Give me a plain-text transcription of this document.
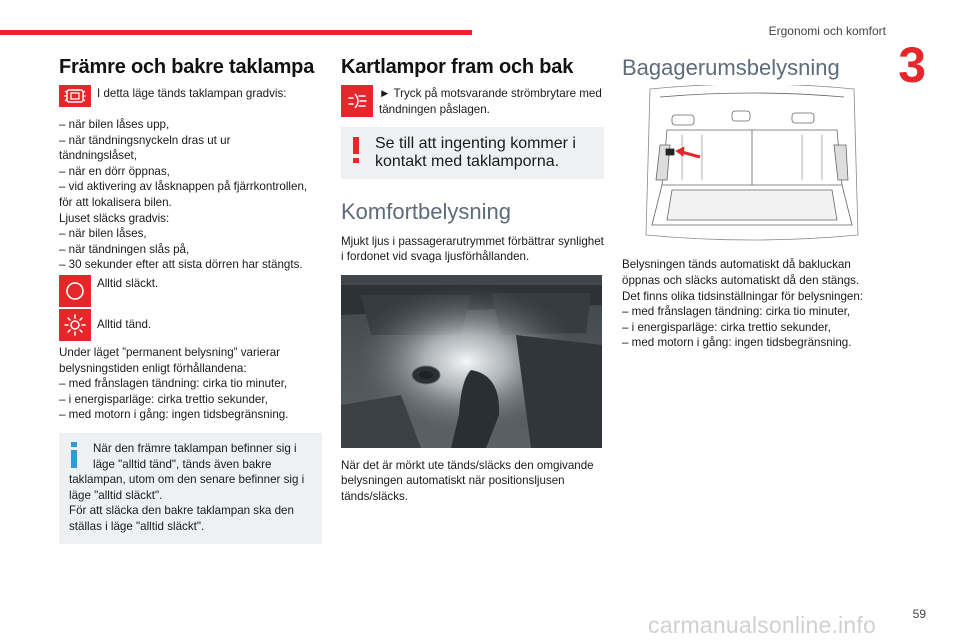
Ergonomi och komfort
3
Främre och bakre taklampa
I detta läge tänds taklampan gradvis:
– när bilen låses upp,
– när tändningsnyckeln dras ut ur
tändningslåset,
– när en dörr öppnas,
– vid aktivering av låsknappen på fjärrkontrollen,
för att lokalisera bilen.
Ljuset släcks gradvis:
– när bilen låses,
– när tändningen slås på,
– 30 sekunder efter att sista dörren har stängts.
Alltid släckt.
Alltid tänd.
Under läget ”permanent belysning” varierar
belysningstiden enligt förhållandena:
– med frånslagen tändning: cirka tio minuter,
– i energisparläge: cirka trettio sekunder,
– med motorn i gång: ingen tidsbegränsning.
När den främre taklampan befinner sig i
läge "alltid tänd", tänds även bakre
taklampan, utom om den senare befinner sig i
läge "alltid släckt".
För att släcka den bakre taklampan ska den
ställas i läge "alltid släckt".
Kartlampor fram och bak
► Tryck på motsvarande strömbrytare med tändningen påslagen.
Se till att ingenting kommer i kontakt med taklamporna.
Komfortbelysning

Mjukt ljus i passagerarutrymmet förbättrar synlighet i fordonet vid svaga ljusförhållanden.

När det är mörkt ute tänds/släcks den omgivande belysningen automatiskt när positionsljusen tänds/släcks.

Bagagerumsbelysning
Belysningen tänds automatiskt då bakluckan
öppnas och släcks automatiskt då den stängs.
Det finns olika tidsinställningar för belysningen:
– med frånslagen tändning: cirka tio minuter,
– i energisparläge: cirka trettio sekunder,
– med motorn i gång: ingen tidsbegränsning.
carmanualsonline.info	59
